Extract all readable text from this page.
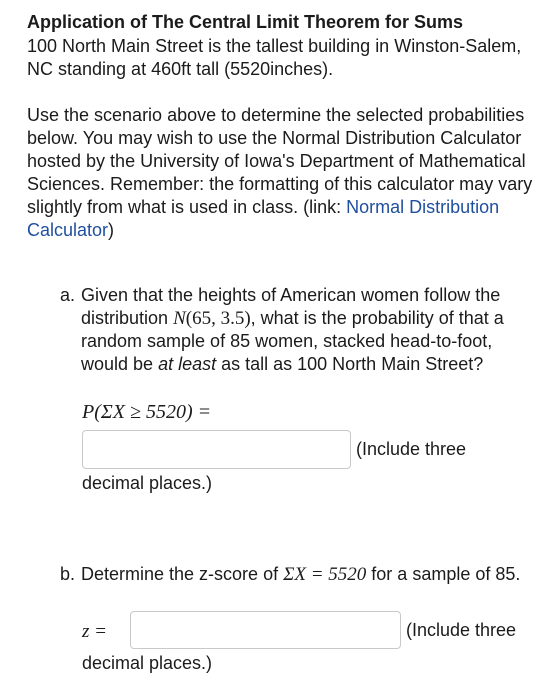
Application of The Central Limit Theorem for Sums

100 North Main Street is the tallest building in Winston-Salem, NC standing at 460ft tall (5520inches).

Use the scenario above to determine the selected probabilities below. You may wish to use the Normal Distribution Calculator hosted by the University of Iowa's Department of Mathematical Sciences. Remember: the formatting of this calculator may vary slightly from what is used in class. (link: Normal Distribution Calculator)

a. Given that the heights of American women follow the distribution N(65, 3.5), what is the probability of that a random sample of 85 women, stacked head-to-foot, would be at least as tall as 100 North Main Street?
P(ΣX ≥ 5520) =
(Include three
decimal places.)
b. Determine the z-score of ΣX = 5520 for a sample of 85.
z =	(Include three
decimal places.)
